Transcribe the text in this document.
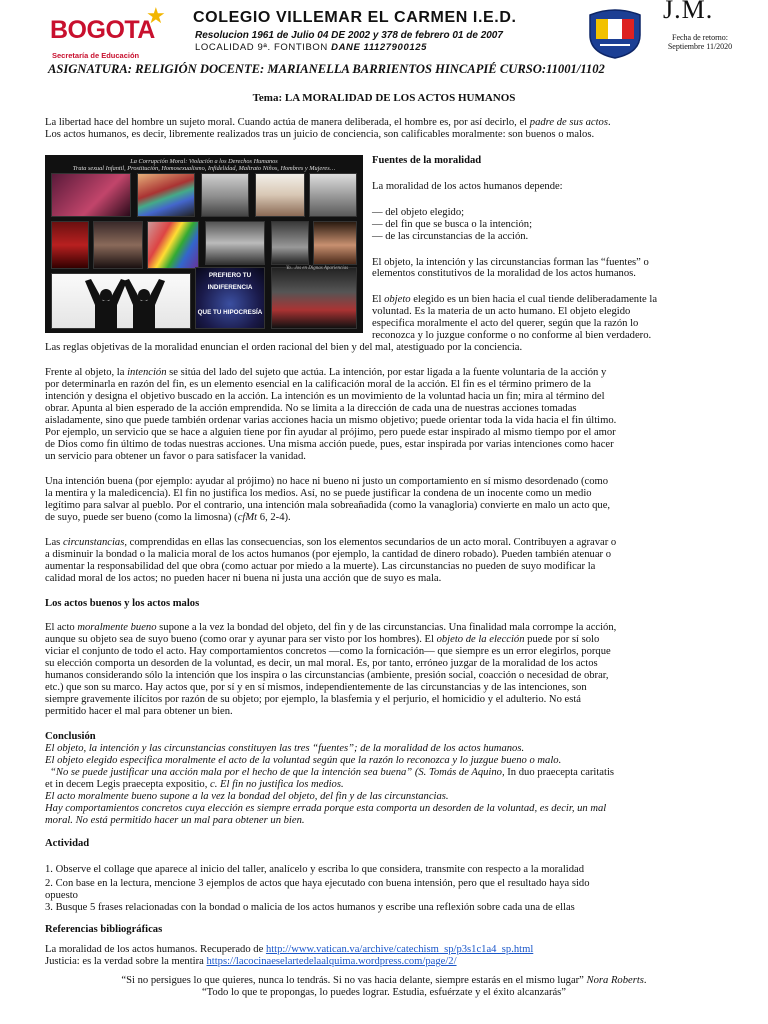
★
BOGOTA
Secretaría de Educación
COLEGIO VILLEMAR EL CARMEN I.E.D.
Resolucion 1961 de Julio 04 DE 2002 y 378 de febrero 01 de 2007
LOCALIDAD 9ª. FONTIBON DANE 11127900125
J.M.
Fecha de retorno:
Septiembre 11/2020
ASIGNATURA: RELIGIÓN DOCENTE: MARIANELLA BARRIENTOS HINCAPIÉ CURSO:11001/1102
Tema: LA MORALIDAD DE LOS ACTOS HUMANOS
La libertad hace del hombre un sujeto moral. Cuando actúa de manera deliberada, el hombre es, por así decirlo, el padre de sus actos.
Los actos humanos, es decir, libremente realizados tras un juicio de conciencia, son calificables moralmente: son buenos o malos.
La Corrupción Moral: Violación a los Derechos Humanos
Trata sexual Infantil, Prostitución, Homosexualismo, Infidelidad, Maltrato Niños, Hombres y Mujeres…
PREFIERO TU INDIFERENCIA
QUE TU HIPOCRESÍA
Ya…los en Dignas Apariencias
Fuentes de la moralidad
La moralidad de los actos humanos depende:
— del objeto elegido;
— del fin que se busca o la intención;
— de las circunstancias de la acción.
El objeto, la intención y las circunstancias forman las “fuentes” o
elementos constitutivos de la moralidad de los actos humanos.
El objeto elegido es un bien hacia el cual tiende deliberadamente la
voluntad. Es la materia de un acto humano. El objeto elegido
especifica moralmente el acto del querer, según que la razón lo
reconozca y lo juzgue conforme o no conforme al bien verdadero.
Las reglas objetivas de la moralidad enuncian el orden racional del bien y del mal, atestiguado por la conciencia.
Frente al objeto, la intención se sitúa del lado del sujeto que actúa. La intención, por estar ligada a la fuente voluntaria de la acción y
por determinarla en razón del fin, es un elemento esencial en la calificación moral de la acción. El fin es el término primero de la
intención y designa el objetivo buscado en la acción. La intención es un movimiento de la voluntad hacia un fin; mira al término del
obrar. Apunta al bien esperado de la acción emprendida. No se limita a la dirección de cada una de nuestras acciones tomadas
aisladamente, sino que puede también ordenar varias acciones hacia un mismo objetivo; puede orientar toda la vida hacia el fin último.
Por ejemplo, un servicio que se hace a alguien tiene por fin ayudar al prójimo, pero puede estar inspirado al mismo tiempo por el amor
de Dios como fin último de todas nuestras acciones. Una misma acción puede, pues, estar inspirada por varias intenciones como hacer
un servicio para obtener un favor o para satisfacer la vanidad.
Una intención buena (por ejemplo: ayudar al prójimo) no hace ni bueno ni justo un comportamiento en sí mismo desordenado (como
la mentira y la maledicencia). El fin no justifica los medios. Así, no se puede justificar la condena de un inocente como un medio
legítimo para salvar al pueblo. Por el contrario, una intención mala sobreañadida (como la vanagloria) convierte en malo un acto que,
de suyo, puede ser bueno (como la limosna) (cfMt 6, 2-4).
Las circunstancias, comprendidas en ellas las consecuencias, son los elementos secundarios de un acto moral. Contribuyen a agravar o
a disminuir la bondad o la malicia moral de los actos humanos (por ejemplo, la cantidad de dinero robado). Pueden también atenuar o
aumentar la responsabilidad del que obra (como actuar por miedo a la muerte). Las circunstancias no pueden de suyo modificar la
calidad moral de los actos; no pueden hacer ni buena ni justa una acción que de suyo es mala.
Los actos buenos y los actos malos
El acto moralmente bueno supone a la vez la bondad del objeto, del fin y de las circunstancias. Una finalidad mala corrompe la acción,
aunque su objeto sea de suyo bueno (como orar y ayunar para ser visto por los hombres). El objeto de la elección puede por sí solo
viciar el conjunto de todo el acto. Hay comportamientos concretos —como la fornicación— que siempre es un error elegirlos, porque
su elección comporta un desorden de la voluntad, es decir, un mal moral. Es, por tanto, erróneo juzgar de la moralidad de los actos
humanos considerando sólo la intención que los inspira o las circunstancias (ambiente, presión social, coacción o necesidad de obrar,
etc.) que son su marco. Hay actos que, por sí y en sí mismos, independientemente de las circunstancias y de las intenciones, son
siempre gravemente ilícitos por razón de su objeto; por ejemplo, la blasfemia y el perjurio, el homicidio y el adulterio. No está
permitido hacer el mal para obtener un bien.
Conclusión
El objeto, la intención y las circunstancias constituyen las tres “fuentes”; de la moralidad de los actos humanos.
El objeto elegido especifica moralmente el acto de la voluntad según que la razón lo reconozca y lo juzgue bueno o malo.
“No se puede justificar una acción mala por el hecho de que la intención sea buena” (S. Tomás de Aquino, In duo praecepta caritatis
et in decem Legis praecepta expositio, c. El fin no justifica los medios.
El acto moralmente bueno supone a la vez la bondad del objeto, del fin y de las circunstancias.
Hay comportamientos concretos cuya elección es siempre errada porque esta comporta un desorden de la voluntad, es decir, un mal
moral. No está permitido hacer un mal para obtener un bien.
Actividad
1. Observe el collage que aparece al inicio del taller, analícelo y escriba lo que considera, transmite con respecto a la moralidad
2. Con base en la lectura, mencione 3 ejemplos de actos que haya ejecutado con buena intensión, pero que el resultado haya sido
opuesto
3. Busque 5 frases relacionadas con la bondad o malicia de los actos humanos y escribe una reflexión sobre cada una de ellas
Referencias bibliográficas
La moralidad de los actos humanos. Recuperado de http://www.vatican.va/archive/catechism_sp/p3s1c1a4_sp.html
Justicia: es la verdad sobre la mentira https://lacocinaeselartedelaalquima.wordpress.com/page/2/
“Si no persigues lo que quieres, nunca lo tendrás. Si no vas hacia delante, siempre estarás en el mismo lugar” Nora Roberts.
“Todo lo que te propongas, lo puedes lograr. Estudia, esfuérzate y el éxito alcanzarás”
